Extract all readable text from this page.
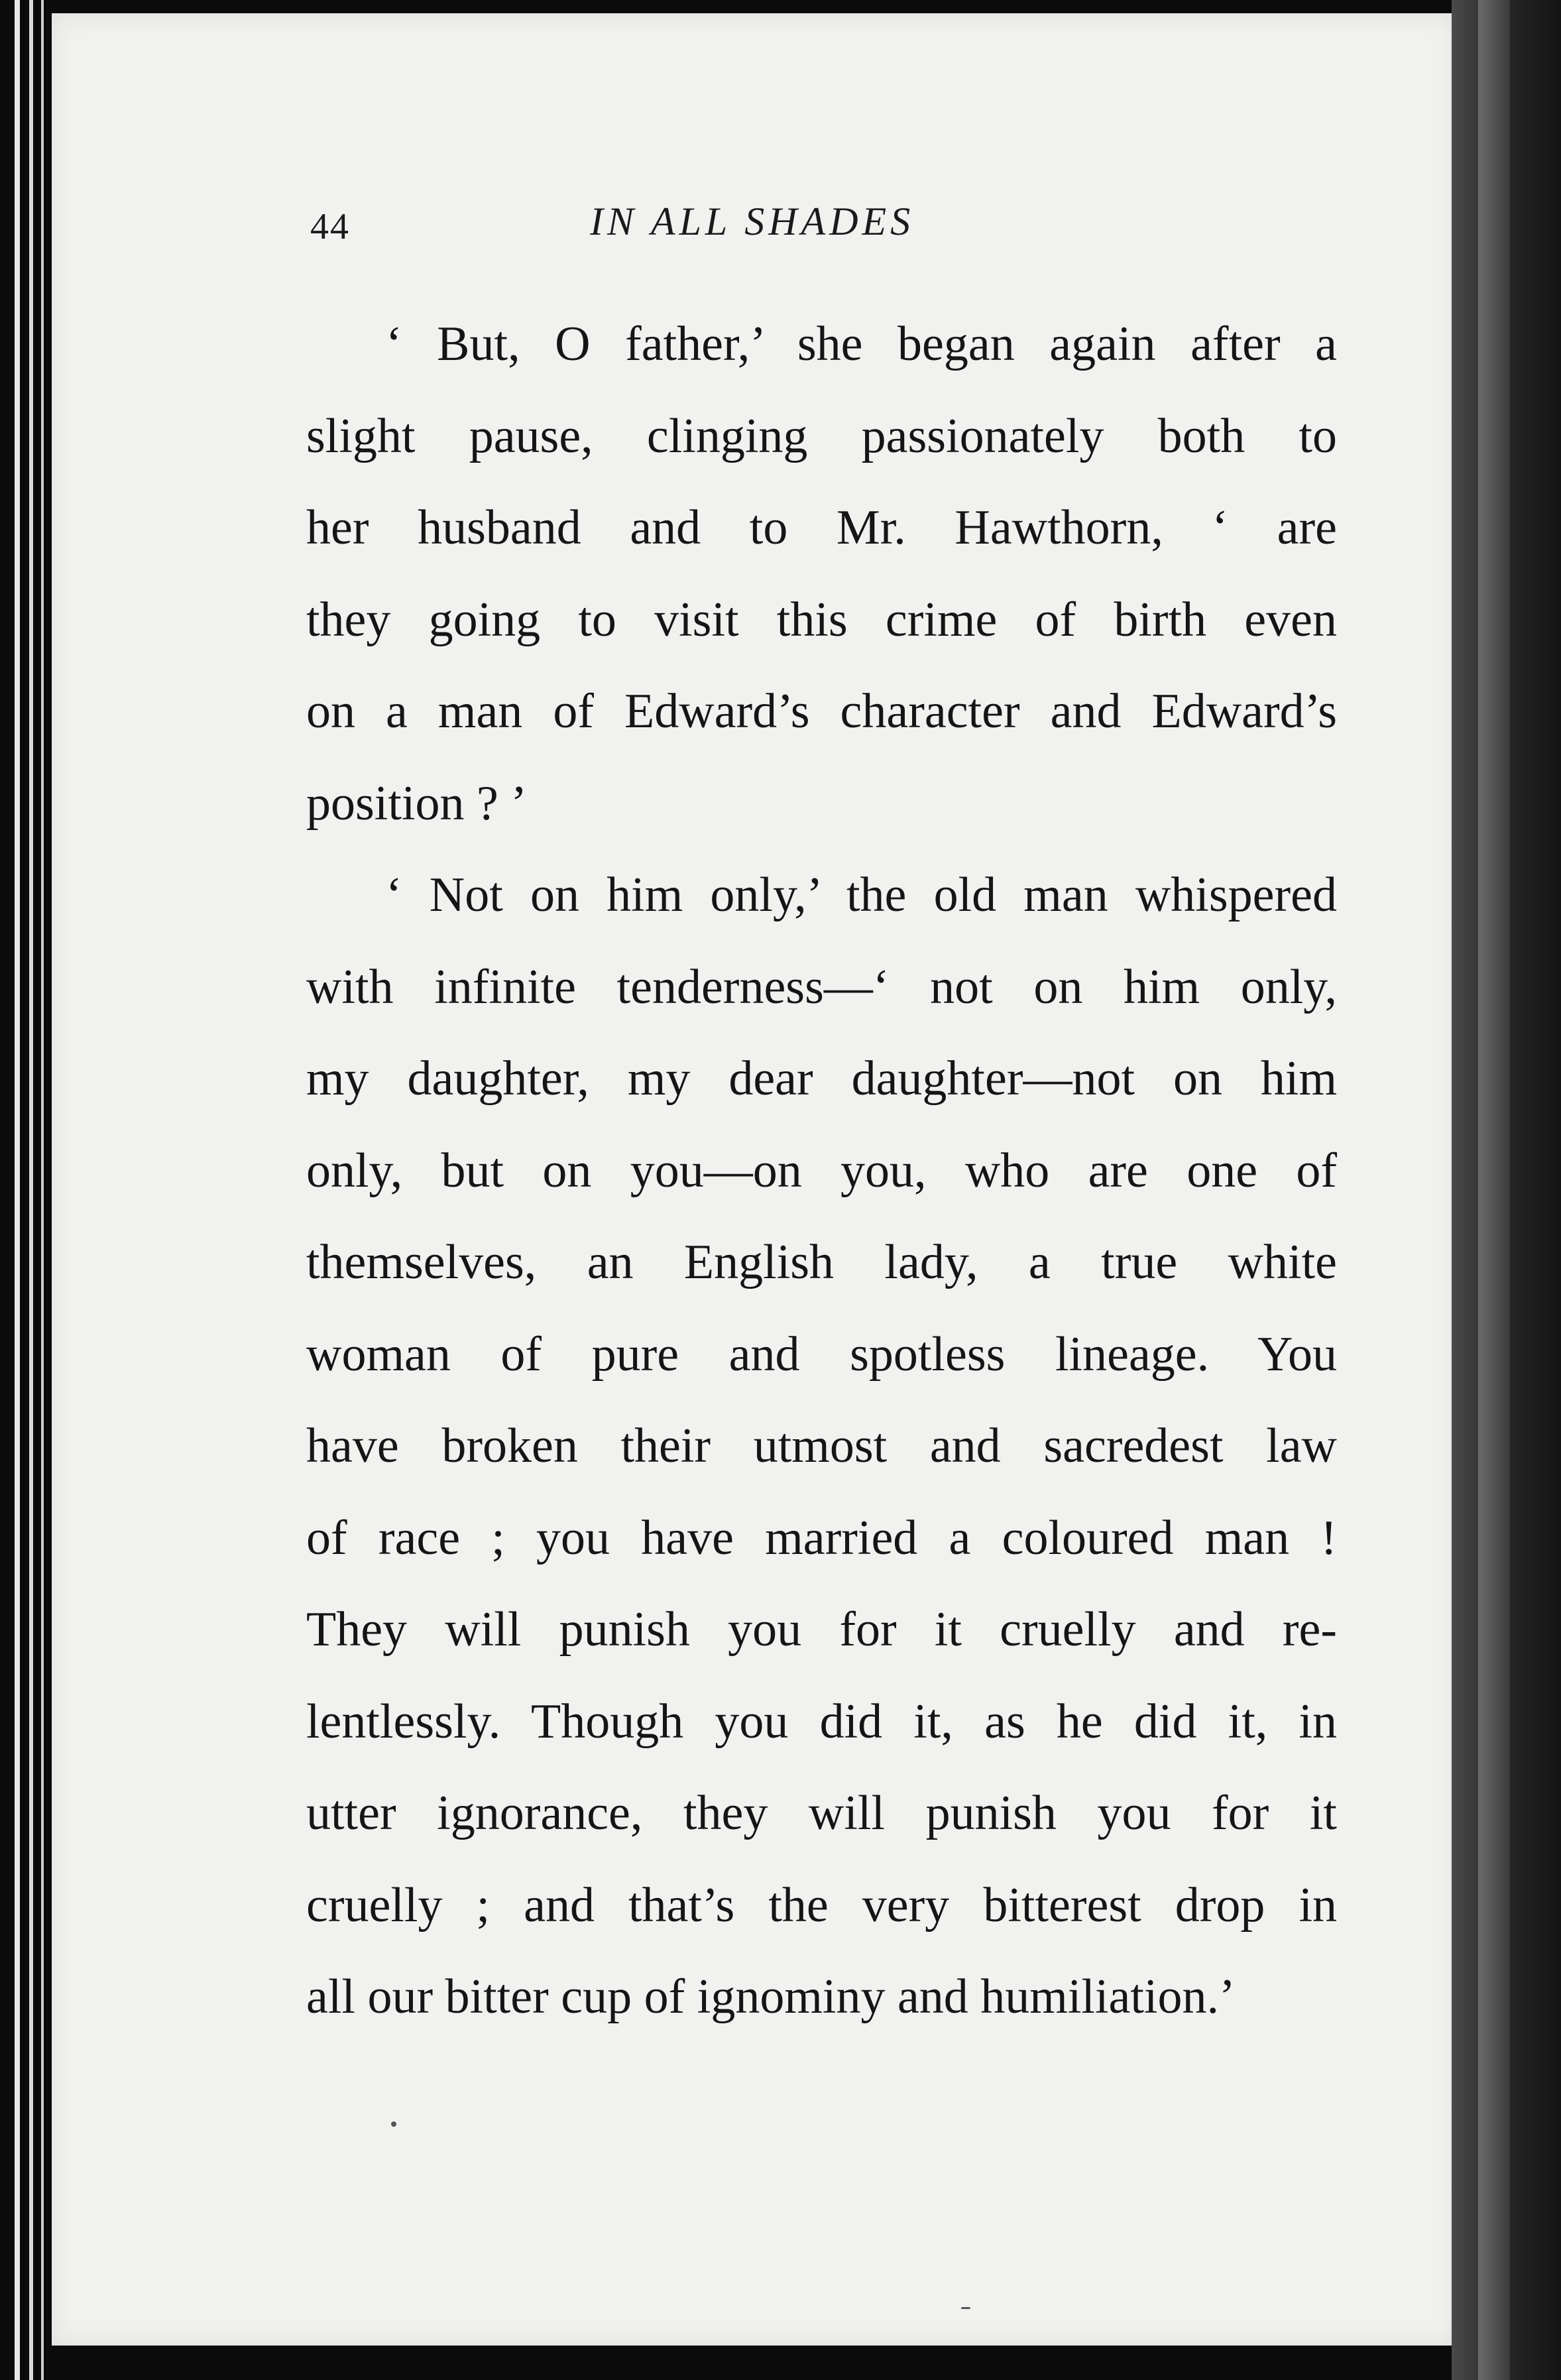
44	IN ALL SHADES

‘ But, O father,’ she began again after a
slight pause, clinging passionately both to
her husband and to Mr. Hawthorn, ‘ are
they going to visit this crime of birth even
on a man of Edward’s character and Edward’s
position ? ’

‘ Not on him only,’ the old man whispered
with infinite tenderness—‘ not on him only,
my daughter, my dear daughter—not on him
only, but on you—on you, who are one of
themselves, an English lady, a true white
woman of pure and spotless lineage. You
have broken their utmost and sacredest law
of race ; you have married a coloured man !
They will punish you for it cruelly and re-
lentlessly. Though you did it, as he did it, in
utter ignorance, they will punish you for it
cruelly ; and that’s the very bitterest drop in
all our bitter cup of ignominy and humiliation.’
